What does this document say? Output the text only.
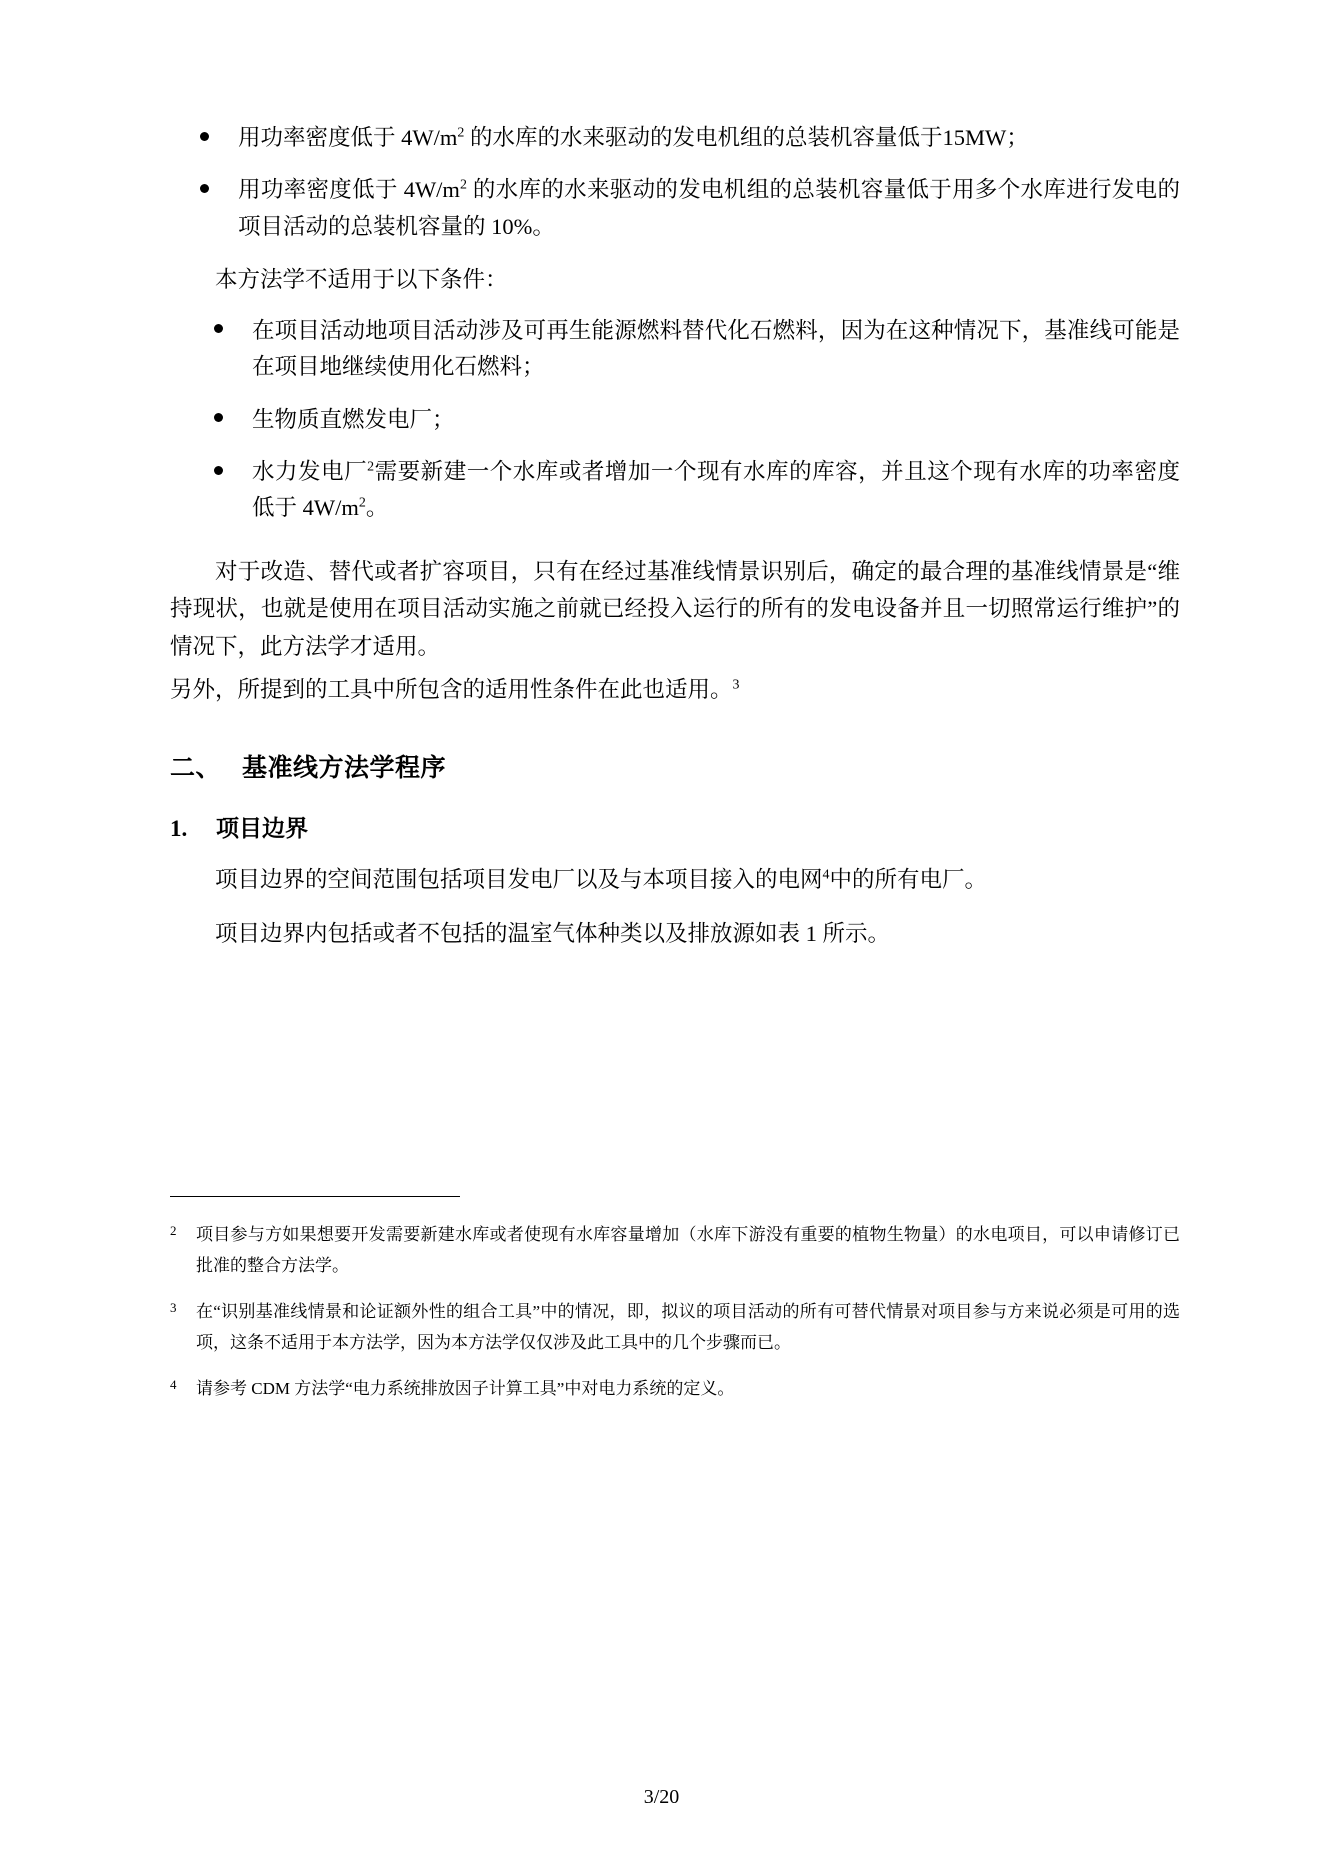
用功率密度低于 $4W/m^2$ 的水库的水来驱动的发电机组的总装机容量低于15MW；
用功率密度低于 $4W/m^2$ 的水库的水来驱动的发电机组的总装机容量低于用多个水库进行发电的项目活动的总装机容量的 10%。

本方法学不适用于以下条件：

在项目活动地项目活动涉及可再生能源燃料替代化石燃料，因为在这种情况下，基准线可能是在项目地继续使用化石燃料；
生物质直燃发电厂；
水力发电厂$^2$需要新建一个水库或者增加一个现有水库的库容，并且这个现有水库的功率密度低于 $4W/m^2$。

对于改造、替代或者扩容项目，只有在经过基准线情景识别后，确定的最合理的基准线情景是“维持现状，也就是使用在项目活动实施之前就已经投入运行的所有的发电设备并且一切照常运行维护”的情况下，此方法学才适用。

另外，所提到的工具中所包含的适用性条件在此也适用。$^3$

二、 基准线方法学程序
1. 项目边界

项目边界的空间范围包括项目发电厂以及与本项目接入的电网$^4$中的所有电厂。

项目边界内包括或者不包括的温室气体种类以及排放源如表 1 所示。

2 项目参与方如果想要开发需要新建水库或者使现有水库容量增加（水库下游没有重要的植物生物量）的水电项目，可以申请修订已批准的整合方法学。
3 在“识别基准线情景和论证额外性的组合工具”中的情况，即，拟议的项目活动的所有可替代情景对项目参与方来说必须是可用的选项，这条不适用于本方法学，因为本方法学仅仅涉及此工具中的几个步骤而已。
4 请参考 CDM 方法学“电力系统排放因子计算工具”中对电力系统的定义。
3/20
